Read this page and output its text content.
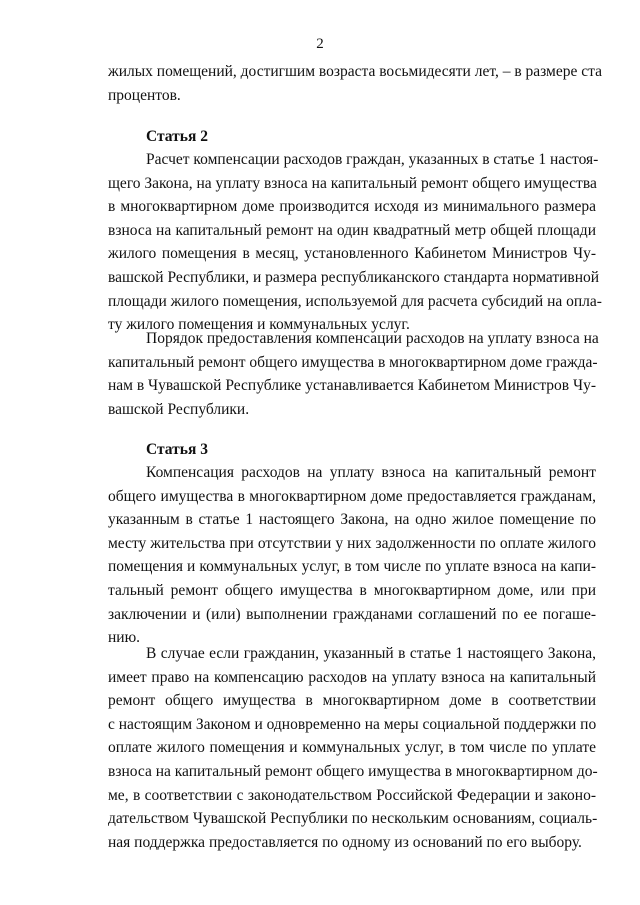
2
жилых помещений, достигшим возраста восьмидесяти лет, – в размере ста
процентов.
Статья 2
Расчет компенсации расходов граждан, указанных в статье 1 настоя-
щего Закона, на уплату взноса на капитальный ремонт общего имущества
в многоквартирном доме производится исходя из минимального размера
взноса на капитальный ремонт на один квадратный метр общей площади
жилого помещения в месяц, установленного Кабинетом Министров Чу-
вашской Республики, и размера республиканского стандарта нормативной
площади жилого помещения, используемой для расчета субсидий на опла-
ту жилого помещения и коммунальных услуг.
Порядок предоставления компенсации расходов на уплату взноса на
капитальный ремонт общего имущества в многоквартирном доме гражда-
нам в Чувашской Республике устанавливается Кабинетом Министров Чу-
вашской Республики.
Статья 3
Компенсация расходов на уплату взноса на капитальный ремонт
общего имущества в многоквартирном доме предоставляется гражданам,
указанным в статье 1 настоящего Закона, на одно жилое помещение по
месту жительства при отсутствии у них задолженности по оплате жилого
помещения и коммунальных услуг, в том числе по уплате взноса на капи-
тальный ремонт общего имущества в многоквартирном доме, или при
заключении и (или) выполнении гражданами соглашений по ее погаше-
нию.
В случае если гражданин, указанный в статье 1 настоящего Закона,
имеет право на компенсацию расходов на уплату взноса на капитальный
ремонт общего имущества в многоквартирном доме в соответствии
с настоящим Законом и одновременно на меры социальной поддержки по
оплате жилого помещения и коммунальных услуг, в том числе по уплате
взноса на капитальный ремонт общего имущества в многоквартирном до-
ме, в соответствии с законодательством Российской Федерации и законо-
дательством Чувашской Республики по нескольким основаниям, социаль-
ная поддержка предоставляется по одному из оснований по его выбору.
